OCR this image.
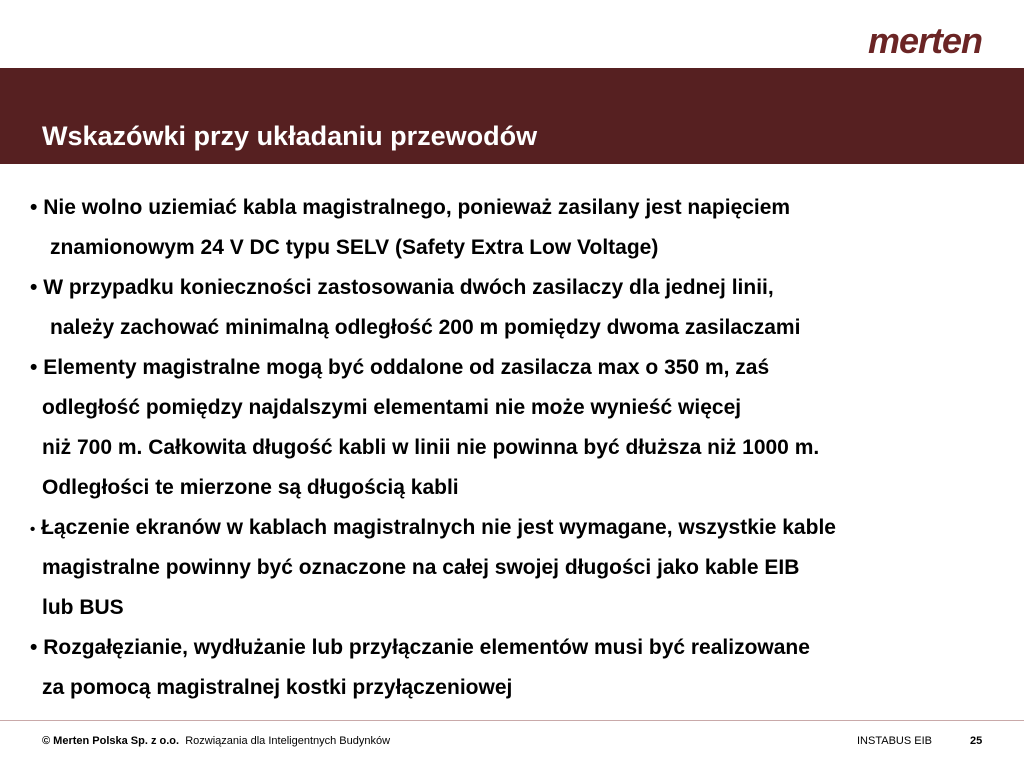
merten
Wskazówki przy układaniu przewodów
• Nie wolno uziemiać kabla magistralnego, ponieważ zasilany jest napięciem
znamionowym 24 V DC typu SELV (Safety Extra Low Voltage)
• W przypadku konieczności zastosowania dwóch zasilaczy dla jednej linii,
należy zachować minimalną odległość 200 m pomiędzy dwoma zasilaczami
• Elementy magistralne mogą być oddalone od zasilacza max o 350 m, zaś
odległość pomiędzy najdalszymi elementami nie może wynieść więcej
niż 700 m. Całkowita długość kabli w linii nie powinna być dłuższa niż 1000 m.
Odległości te mierzone są długością kabli
• Łączenie ekranów w kablach magistralnych nie jest wymagane, wszystkie kable
magistralne powinny być oznaczone na całej swojej długości jako kable EIB
lub BUS
• Rozgałęzianie, wydłużanie lub przyłączanie elementów musi być realizowane
za pomocą magistralnej kostki przyłączeniowej
© Merten Polska Sp. z o.o. Rozwiązania dla Inteligentnych Budynków	INSTABUS EIB	25
